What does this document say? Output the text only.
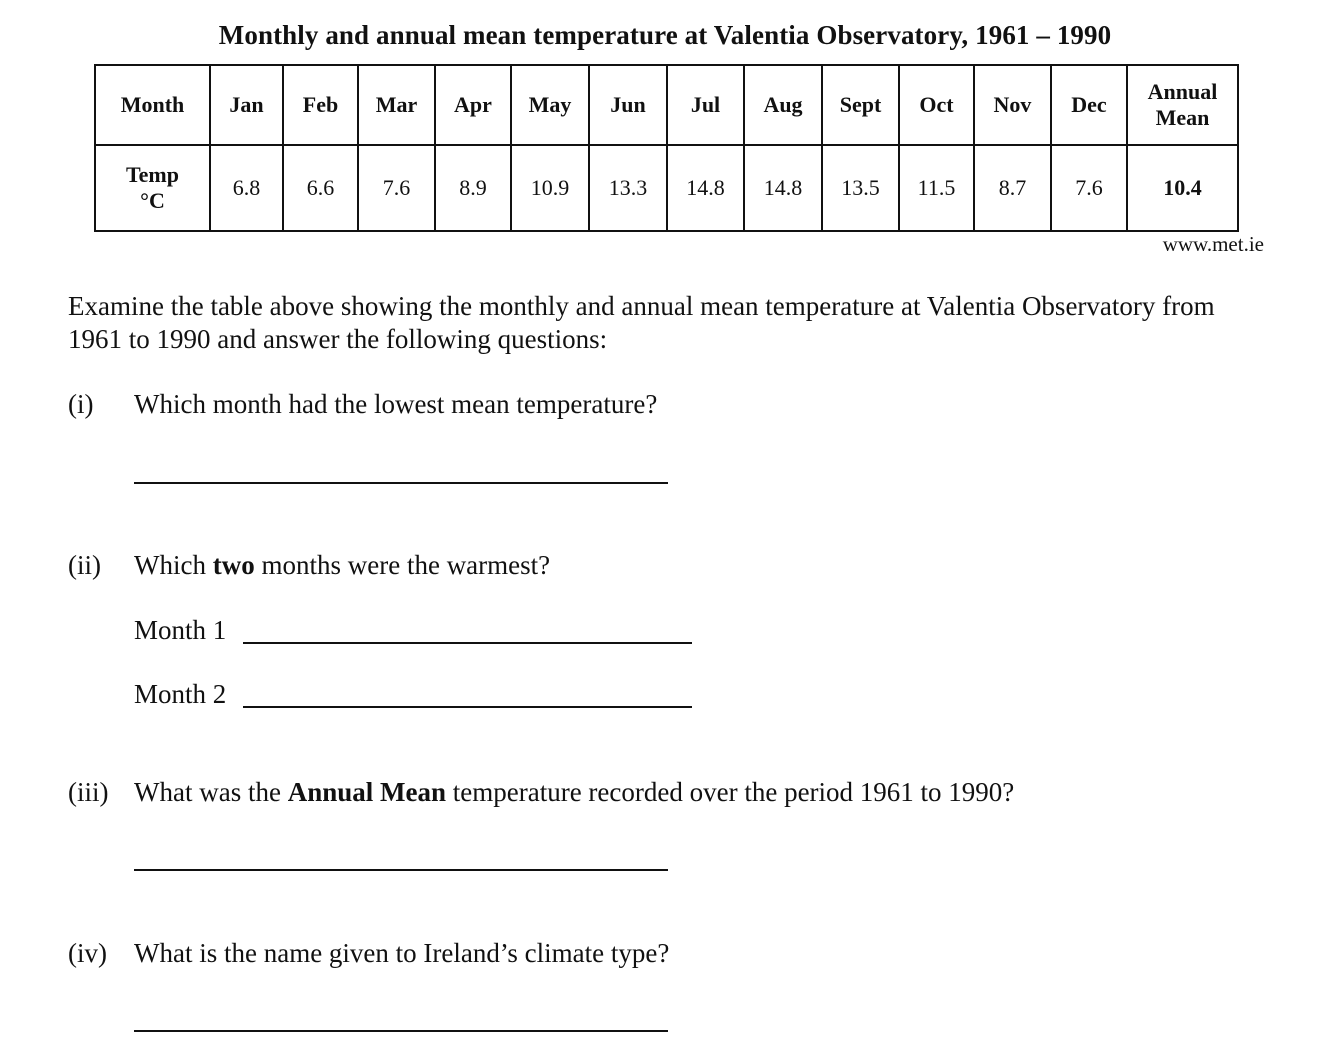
Monthly and annual mean temperature at Valentia Observatory, 1961 – 1990
Month	Jan	Feb	Mar	Apr	May	Jun	Jul	Aug	Sept	Oct	Nov	Dec	Annual
Mean
Temp
°C	6.8	6.6	7.6	8.9	10.9	13.3	14.8	14.8	13.5	11.5	8.7	7.6	10.4
www.met.ie
Examine the table above showing the monthly and annual mean temperature at Valentia Observatory from 1961 to 1990 and answer the following questions:
(i) Which month had the lowest mean temperature?
(ii) Which two months were the warmest?
Month 1
Month 2
(iii) What was the Annual Mean temperature recorded over the period 1961 to 1990?
(iv) What is the name given to Ireland’s climate type?
